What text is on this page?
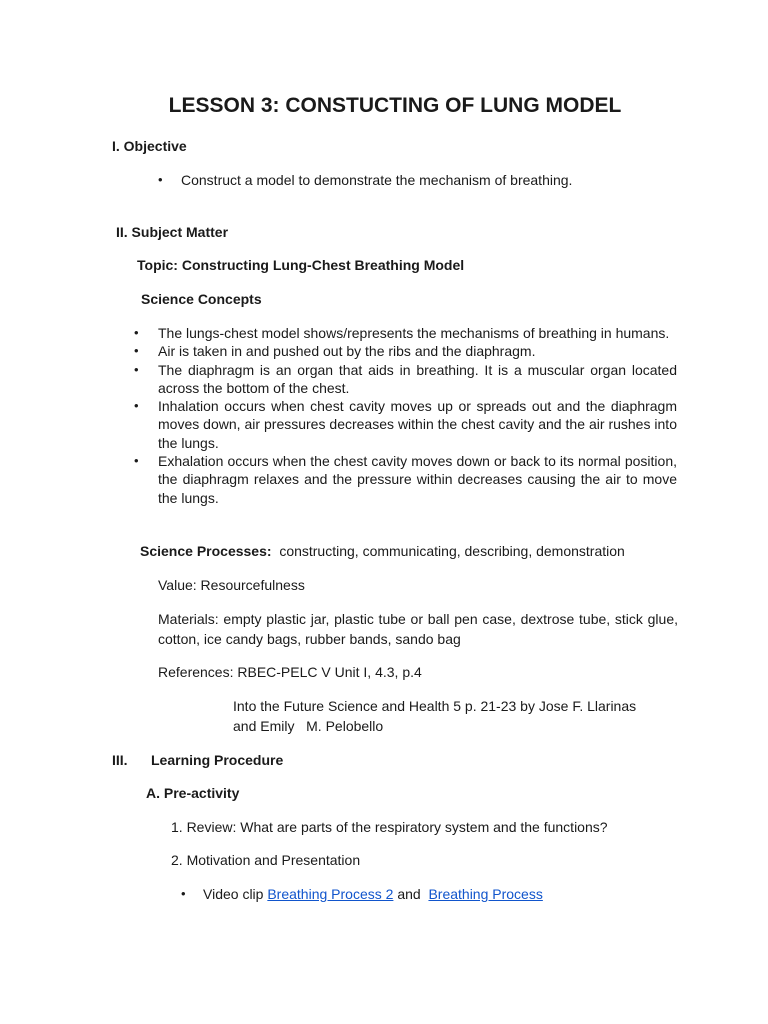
LESSON 3: CONSTUCTING OF LUNG MODEL
I. Objective
• Construct a model to demonstrate the mechanism of breathing.
II. Subject Matter
Topic: Constructing Lung-Chest Breathing Model
Science Concepts
• The lungs-chest model shows/represents the mechanisms of breathing in humans.
• Air is taken in and pushed out by the ribs and the diaphragm.
• The diaphragm is an organ that aids in breathing. It is a muscular organ located across the bottom of the chest.
• Inhalation occurs when chest cavity moves up or spreads out and the diaphragm moves down, air pressures decreases within the chest cavity and the air rushes into the lungs.
• Exhalation occurs when the chest cavity moves down or back to its normal position, the diaphragm relaxes and the pressure within decreases causing the air to move the lungs.
Science Processes: constructing, communicating, describing, demonstration
Value: Resourcefulness
Materials: empty plastic jar, plastic tube or ball pen case, dextrose tube, stick glue, cotton, ice candy bags, rubber bands, sando bag
References: RBEC-PELC V Unit I, 4.3, p.4
Into the Future Science and Health 5 p. 21-23 by Jose F. Llarinas
and Emily   M. Pelobello
III. Learning Procedure
A. Pre-activity
1. Review: What are parts of the respiratory system and the functions?
2. Motivation and Presentation
• Video clip Breathing Process 2 and Breathing Process
